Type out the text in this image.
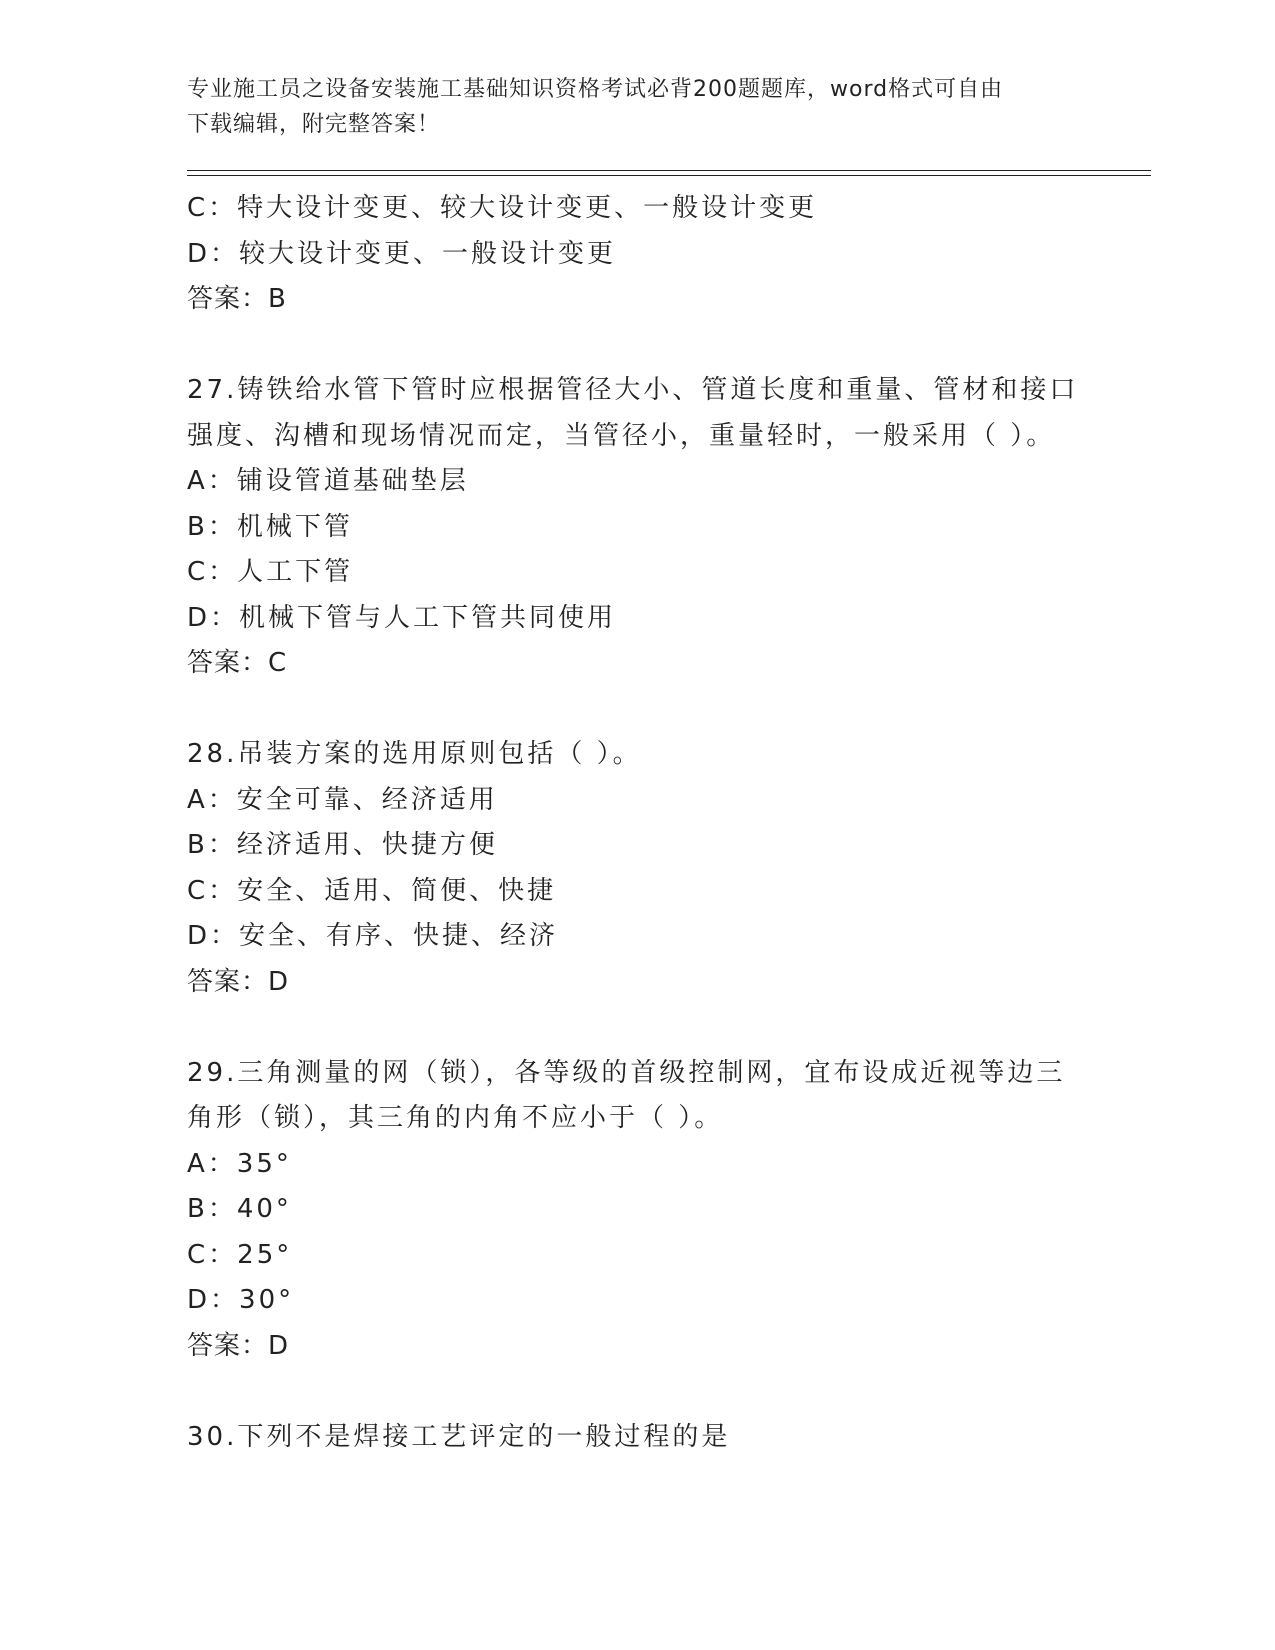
专业施工员之设备安装施工基础知识资格考试必背200题题库，word格式可自由
下载编辑，附完整答案！
C：特大设计变更、较大设计变更、一般设计变更
D：较大设计变更、一般设计变更
答案：B
27.铸铁给水管下管时应根据管径大小、管道长度和重量、管材和接口
强度、沟槽和现场情况而定，当管径小，重量轻时，一般采用（ ）。
A：铺设管道基础垫层
B：机械下管
C：人工下管
D：机械下管与人工下管共同使用
答案：C
28.吊装方案的选用原则包括（ ）。
A：安全可靠、经济适用
B：经济适用、快捷方便
C：安全、适用、简便、快捷
D：安全、有序、快捷、经济
答案：D
29.三角测量的网（锁），各等级的首级控制网，宜布设成近视等边三
角形（锁），其三角的内角不应小于（ ）。
A：35°
B：40°
C：25°
D：30°
答案：D
30.下列不是焊接工艺评定的一般过程的是
